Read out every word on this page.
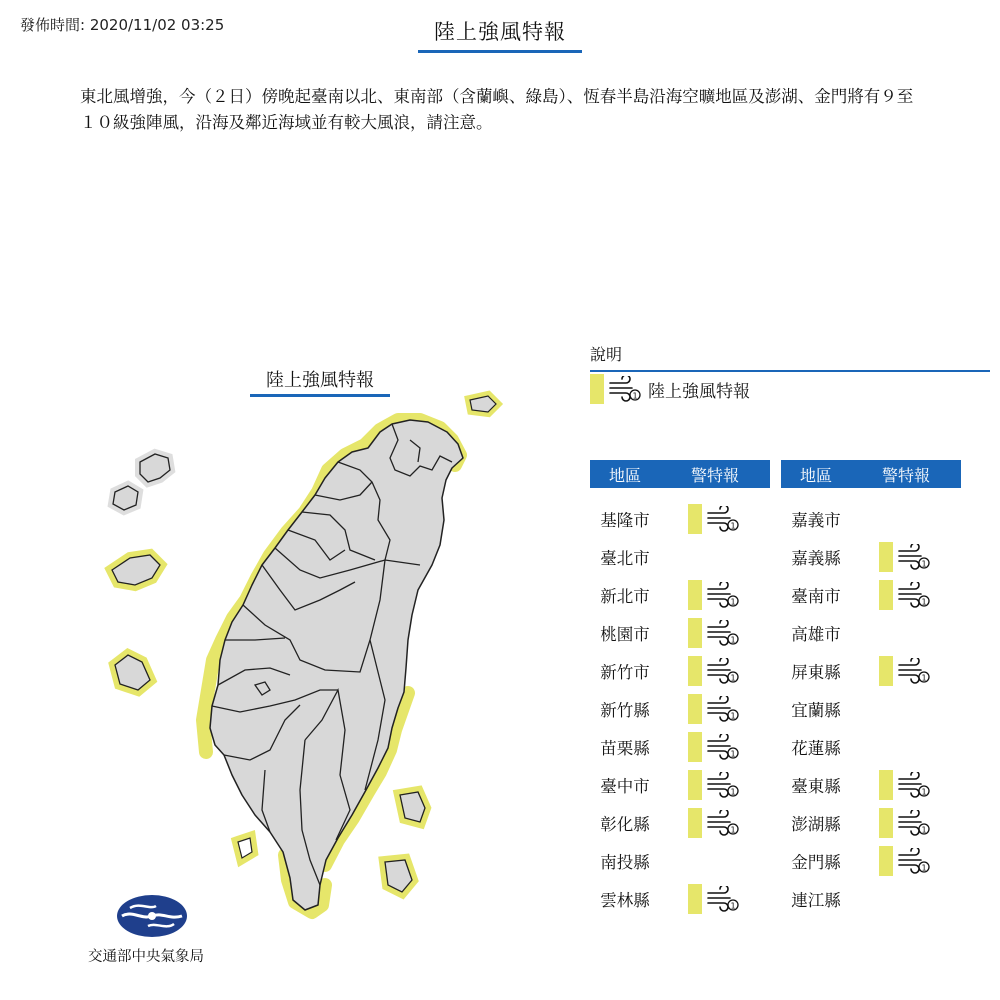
發佈時間: 2020/11/02 03:25	陸上強風特報
東北風增強，今（２日）傍晚起臺南以北、東南部（含蘭嶼、綠島）、恆春半島沿海空曠地區及澎湖、金門將有９至１０級強陣風，沿海及鄰近海域並有較大風浪，請注意。
陸上強風特報
說明
1 陸上強風特報
地區	警特報
基隆市	1
臺北市
新北市	1
桃園市	1
新竹市	1
新竹縣	1
苗栗縣	1
臺中市	1
彰化縣	1
南投縣
雲林縣	1
地區	警特報
嘉義市
嘉義縣	1
臺南市	1
高雄市
屏東縣	1
宜蘭縣
花蓮縣
臺東縣	1
澎湖縣	1
金門縣	1
連江縣
交通部中央氣象局
